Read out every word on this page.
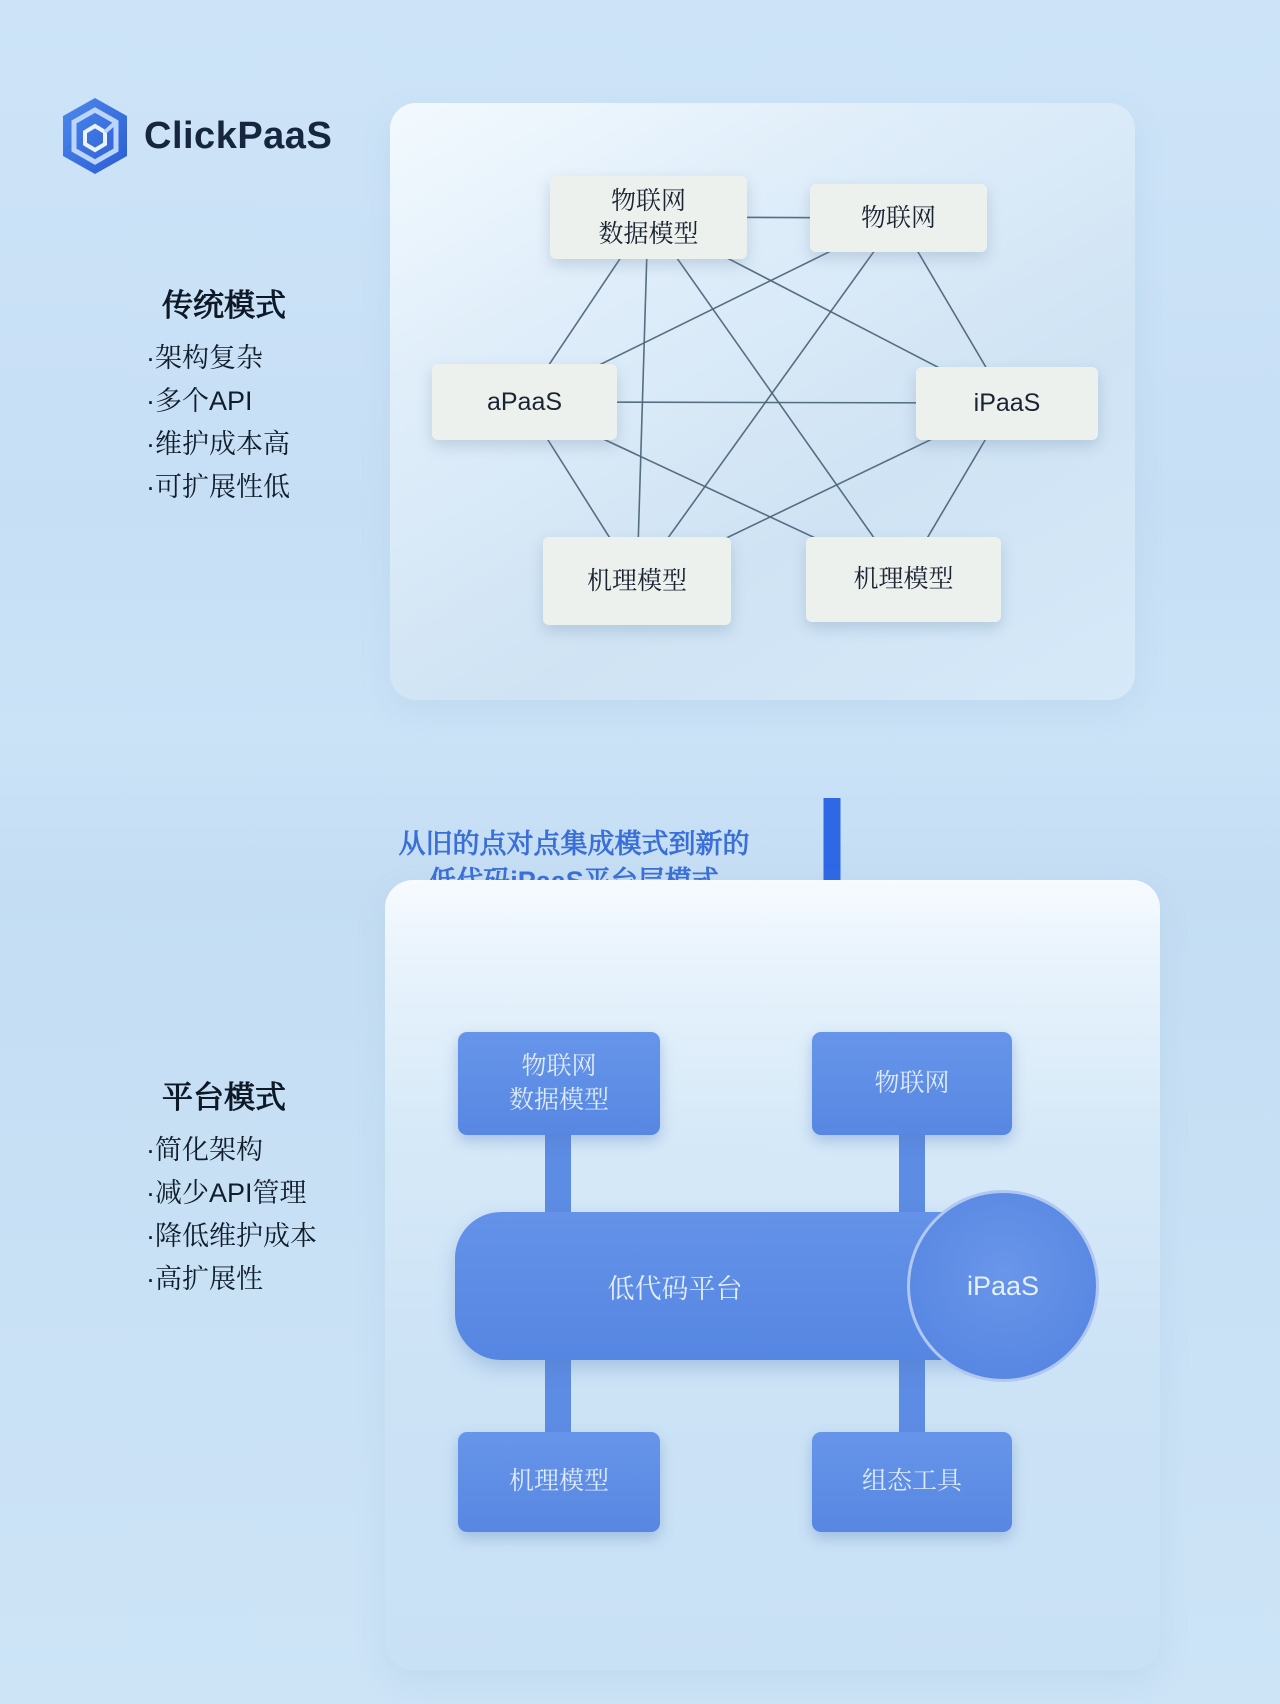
ClickPaaS
传统模式
·架构复杂
·多个API
·维护成本高
·可扩展性低
物联网
数据模型
物联网
aPaaS	iPaaS
机理模型	机理模型
从旧的点对点集成模式到新的
平台模式
·简化架构
·减少API管理
·降低维护成本
·高扩展性
物联网
数据模型
物联网
低代码平台	iPaaS
机理模型	组态工具
